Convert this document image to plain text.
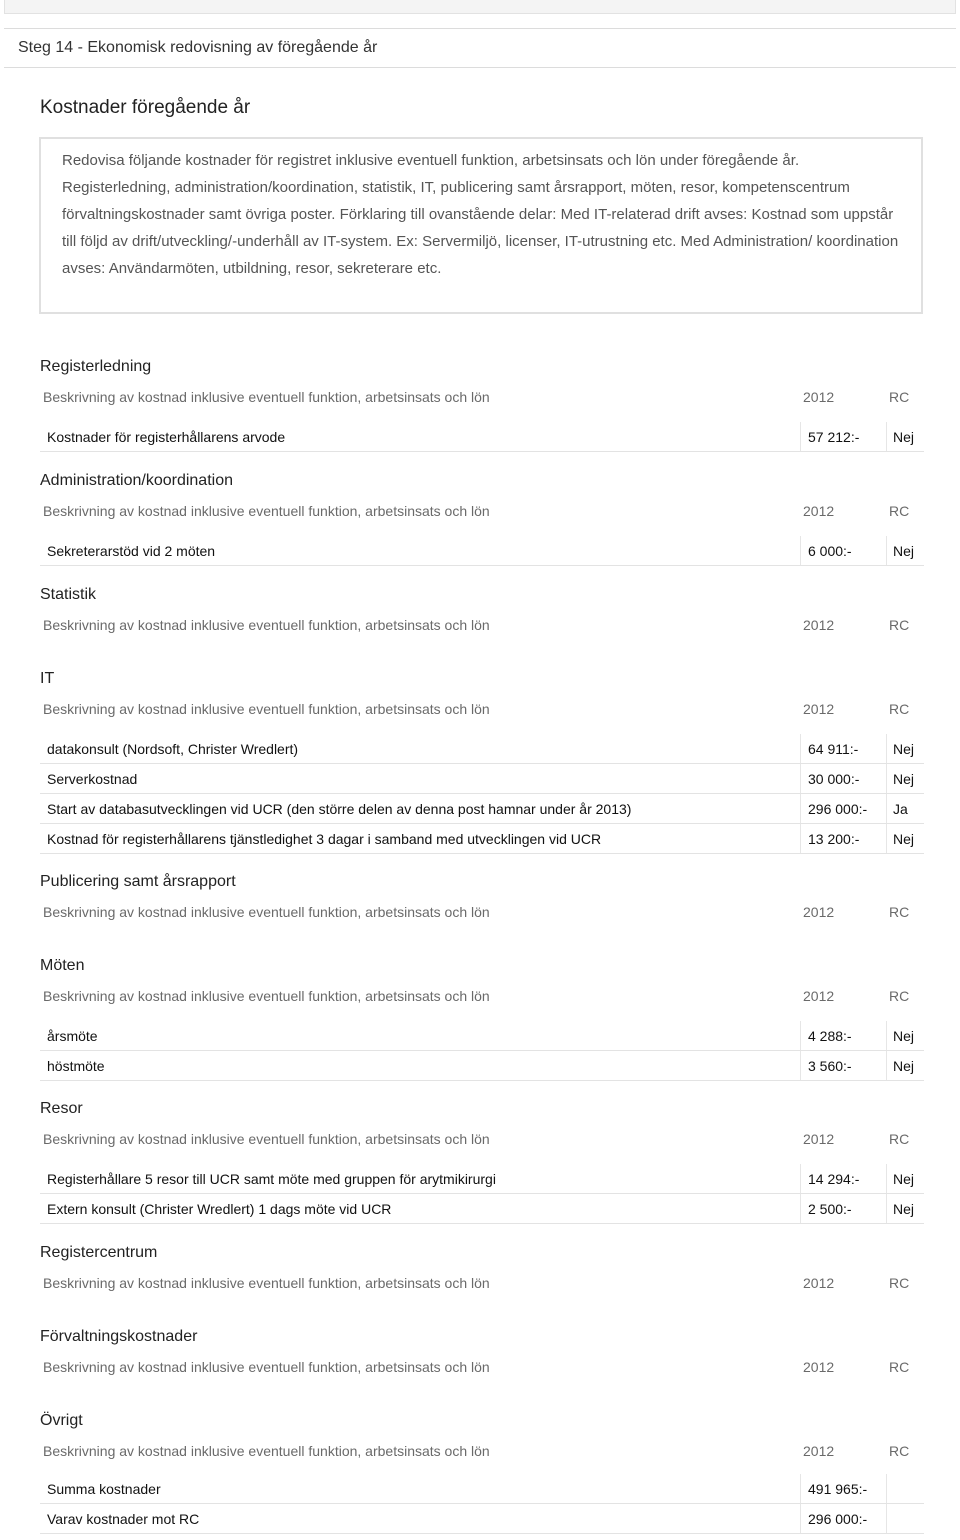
Steg 14 - Ekonomisk redovisning av föregående år
Kostnader föregående år

Redovisa följande kostnader för registret inklusive eventuell funktion, arbetsinsats och lön under föregående år. Registerledning, administration/koordination, statistik, IT, publicering samt årsrapport, möten, resor, kompetenscentrum förvaltningskostnader samt övriga poster. Förklaring till ovanstående delar: Med IT-relaterad drift avses: Kostnad som uppstår till följd av drift/utveckling/-underhåll av IT-system. Ex: Servermiljö, licenser, IT-utrustning etc. Med Administration/ koordination avses: Användarmöten, utbildning, resor, sekreterare etc.

Registerledning
Beskrivning av kostnad inklusive eventuell funktion, arbetsinsats och lön	2012	RC
Kostnader för registerhållarens arvode	57 212:- Nej
Administration/koordination
Beskrivning av kostnad inklusive eventuell funktion, arbetsinsats och lön	2012	RC
Sekreterarstöd vid 2 möten	6 000:-	Nej
Statistik
Beskrivning av kostnad inklusive eventuell funktion, arbetsinsats och lön	2012	RC
IT
Beskrivning av kostnad inklusive eventuell funktion, arbetsinsats och lön	2012	RC
datakonsult (Nordsoft, Christer Wredlert)	64 911:- Nej
Serverkostnad	30 000:- Nej
Start av databasutvecklingen vid UCR (den större delen av denna post hamnar under år 2013)	296 000:- Ja
Kostnad för registerhållarens tjänstledighet 3 dagar i samband med utvecklingen vid UCR	13 200:- Nej
Publicering samt årsrapport
Beskrivning av kostnad inklusive eventuell funktion, arbetsinsats och lön	2012	RC
Möten
Beskrivning av kostnad inklusive eventuell funktion, arbetsinsats och lön	2012	RC
årsmöte	4 288:-	Nej
höstmöte	3 560:-	Nej
Resor
Beskrivning av kostnad inklusive eventuell funktion, arbetsinsats och lön	2012	RC
Registerhållare 5 resor till UCR samt möte med gruppen för arytmikirurgi	14 294:- Nej
Extern konsult (Christer Wredlert) 1 dags möte vid UCR	2 500:-	Nej
Registercentrum
Beskrivning av kostnad inklusive eventuell funktion, arbetsinsats och lön	2012	RC
Förvaltningskostnader
Beskrivning av kostnad inklusive eventuell funktion, arbetsinsats och lön	2012	RC
Övrigt
Beskrivning av kostnad inklusive eventuell funktion, arbetsinsats och lön	2012	RC
Summa kostnader	491 965:-
Varav kostnader mot RC	296 000:-
